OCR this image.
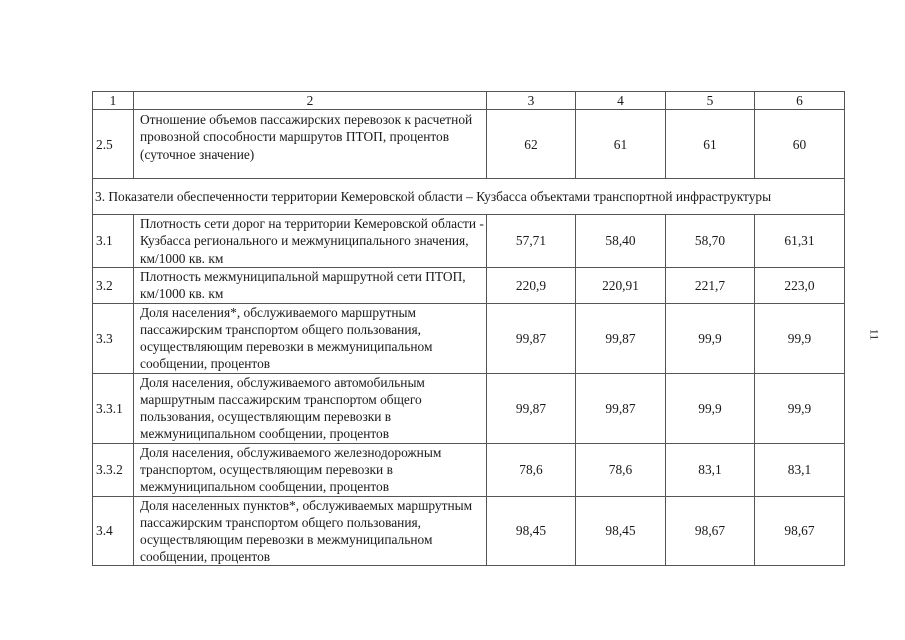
1	2	3	4	5	6
2.5	Отношение объемов пассажирских перевозок к расчетной провозной способности маршрутов ПТОП, процентов (суточное значение)	62	61	61	60
3. Показатели обеспеченности территории Кемеровской области – Кузбасса объектами транспортной инфраструктуры					
3.1	Плотность сети дорог на территории Кемеровской области - Кузбасса регионального и межмуниципального значения, км/1000 кв. км	57,71	58,40	58,70	61,31
3.2	Плотность межмуниципальной маршрутной сети ПТОП, км/1000 кв. км	220,9	220,91	221,7	223,0
3.3	Доля населения*, обслуживаемого маршрутным пассажирским транспортом общего пользования, осуществляющим перевозки в межмуниципальном сообщении, процентов	99,87	99,87	99,9	99,9
3.3.1	Доля населения, обслуживаемого автомобильным маршрутным пассажирским транспортом общего пользования, осуществляющим перевозки в межмуниципальном сообщении, процентов	99,87	99,87	99,9	99,9
3.3.2	Доля населения, обслуживаемого железнодорожным транспортом, осуществляющим перевозки в межмуниципальном сообщении, процентов	78,6	78,6	83,1	83,1
3.4	Доля населенных пунктов*, обслуживаемых маршрутным пассажирским транспортом общего пользования, осуществляющим перевозки в межмуниципальном сообщении, процентов	98,45	98,45	98,67	98,67
11
